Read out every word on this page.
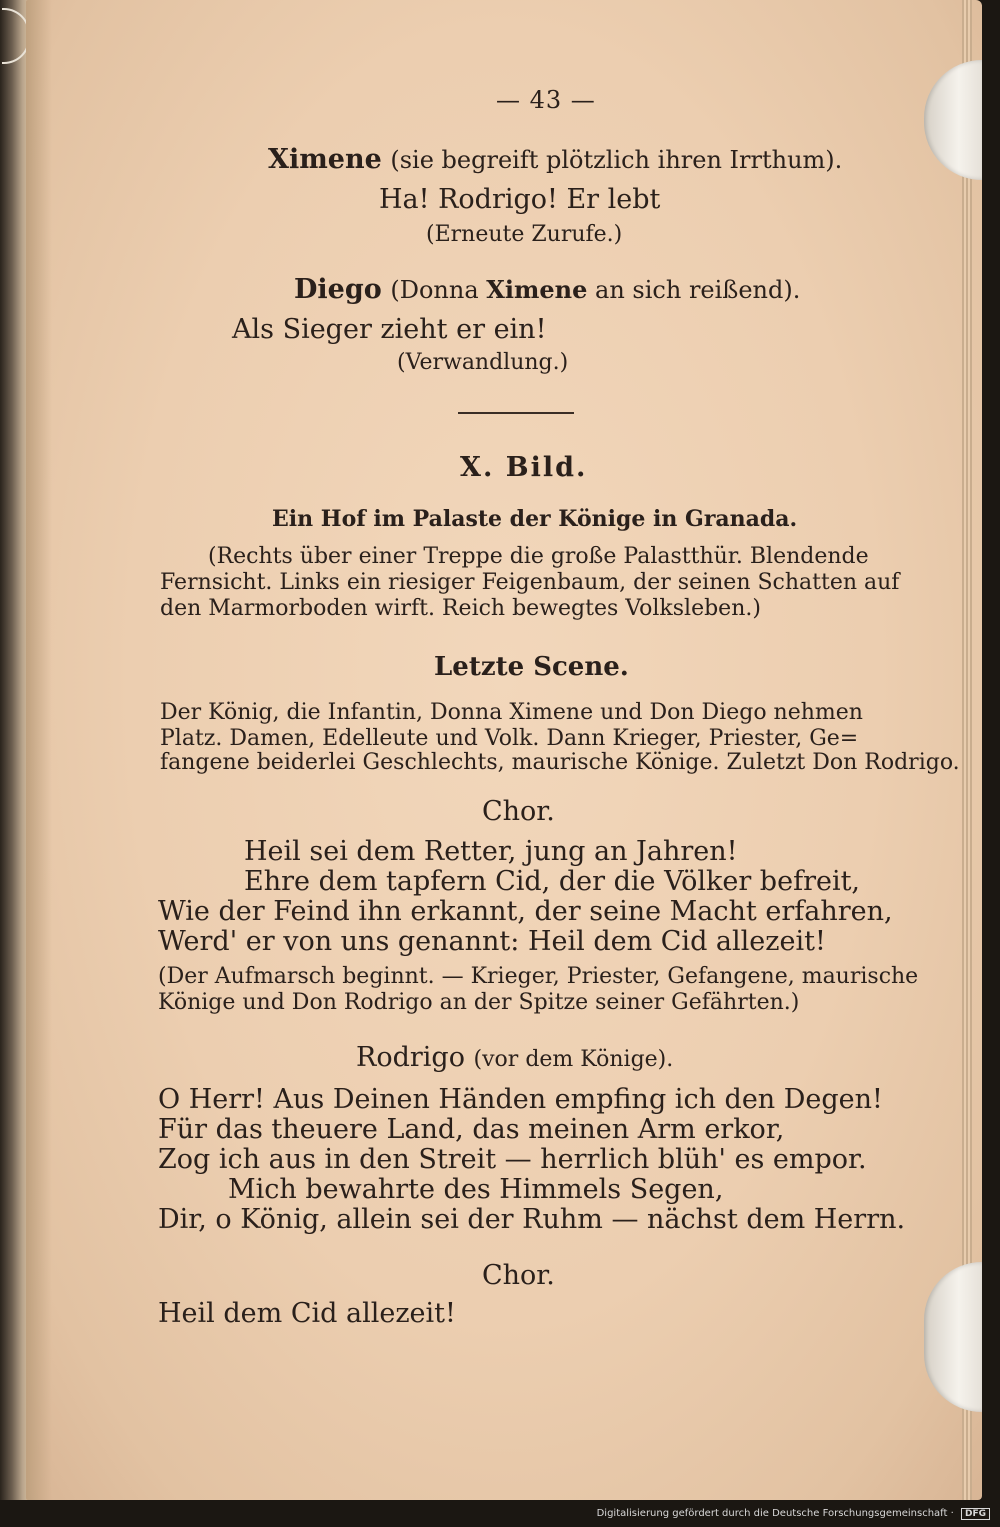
— 43 —
Ximene (sie begreift plötzlich ihren Irrthum).
Ha! Rodrigo! Er lebt
(Erneute Zurufe.)
Diego (Donna Ximene an sich reißend).
Als Sieger zieht er ein!
(Verwandlung.)
X. Bild.
Ein Hof im Palaste der Könige in Granada.
(Rechts über einer Treppe die große Palastthür. Blendende
Fernsicht. Links ein riesiger Feigenbaum, der seinen Schatten auf
den Marmorboden wirft. Reich bewegtes Volksleben.)
Letzte Scene.
Der König, die Infantin, Donna Ximene und Don Diego nehmen
Platz. Damen, Edelleute und Volk. Dann Krieger, Priester, Ge=
fangene beiderlei Geschlechts, maurische Könige. Zuletzt Don Rodrigo.
Chor.
Heil sei dem Retter, jung an Jahren!
Ehre dem tapfern Cid, der die Völker befreit,
Wie der Feind ihn erkannt, der seine Macht erfahren,
Werd' er von uns genannt: Heil dem Cid allezeit!
(Der Aufmarsch beginnt. — Krieger, Priester, Gefangene, maurische
Könige und Don Rodrigo an der Spitze seiner Gefährten.)
Rodrigo (vor dem Könige).
O Herr! Aus Deinen Händen empfing ich den Degen!
Für das theuere Land, das meinen Arm erkor,
Zog ich aus in den Streit — herrlich blüh' es empor.
Mich bewahrte des Himmels Segen,
Dir, o König, allein sei der Ruhm — nächst dem Herrn.
Chor.
Heil dem Cid allezeit!
Digitalisierung gefördert durch die Deutsche Forschungsgemeinschaft · DFG
